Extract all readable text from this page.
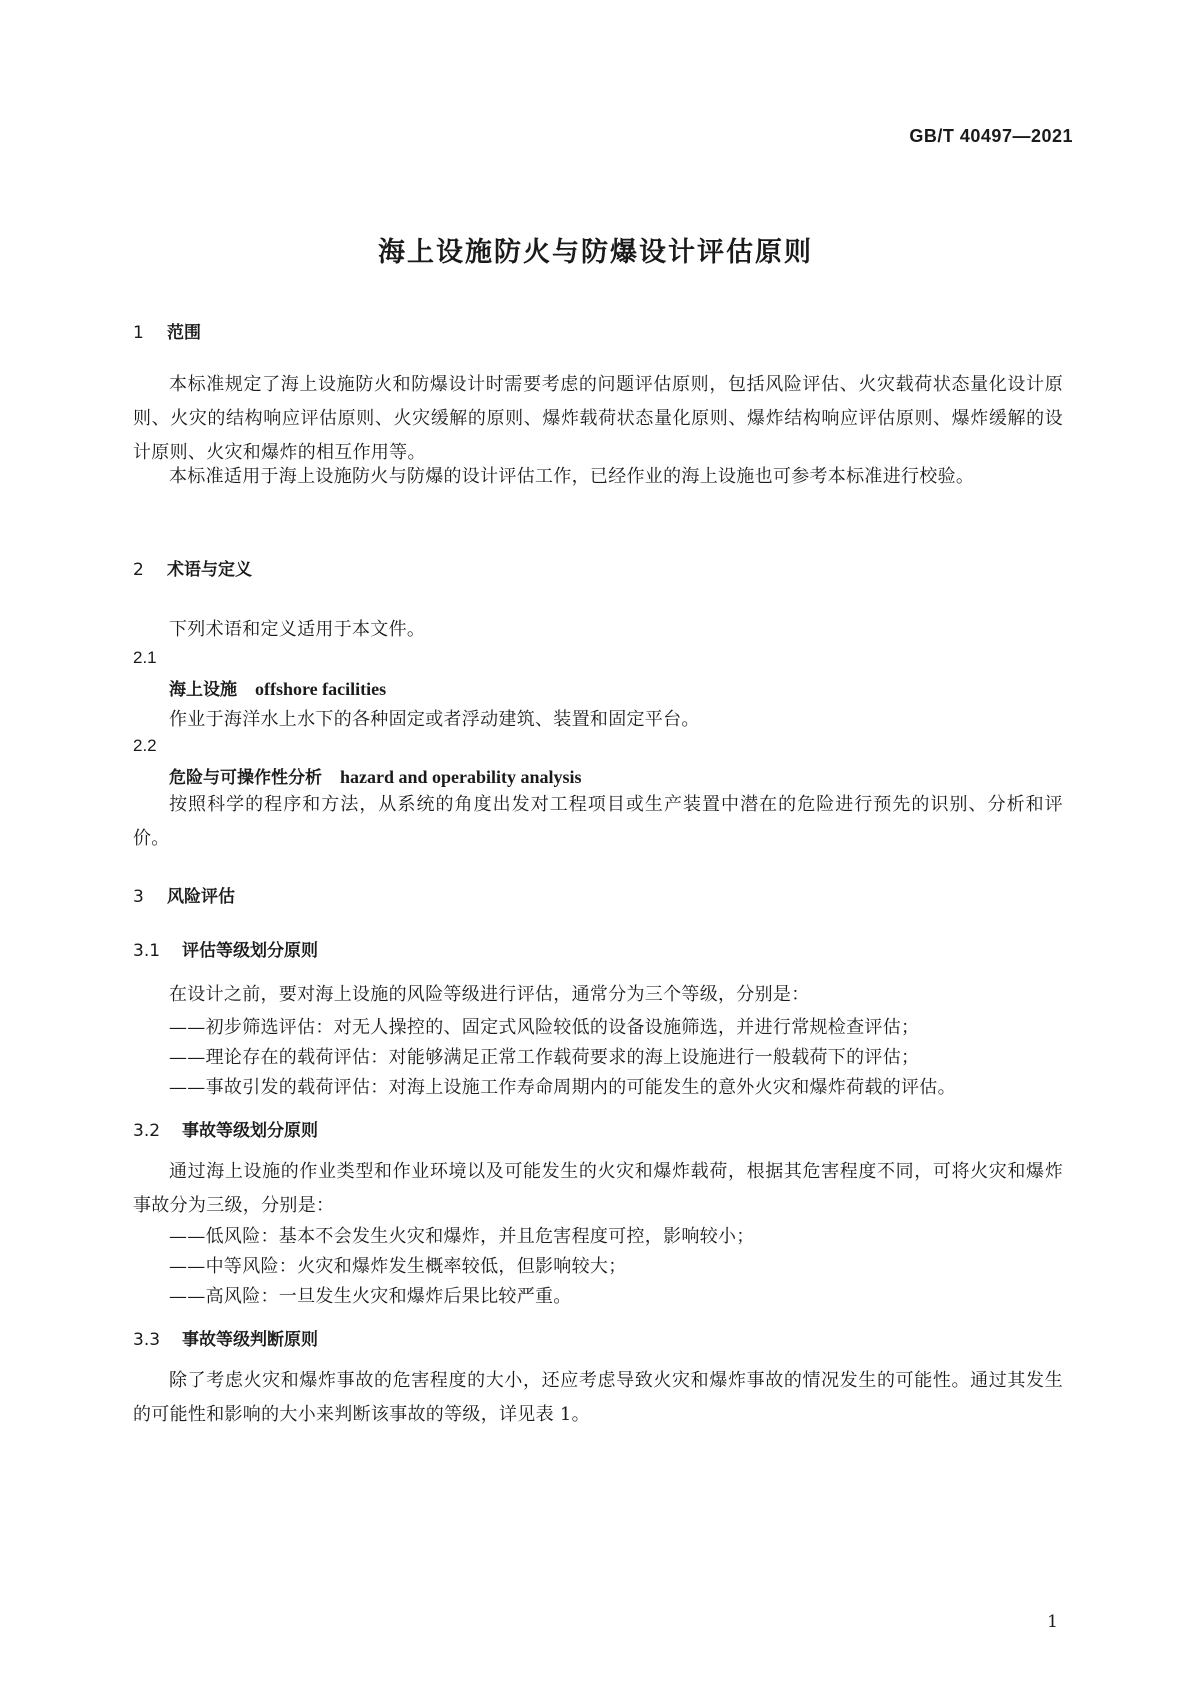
GB/T 40497—2021
海上设施防火与防爆设计评估原则
1 范围
本标准规定了海上设施防火和防爆设计时需要考虑的问题评估原则，包括风险评估、火灾载荷状态量化设计原则、火灾的结构响应评估原则、火灾缓解的原则、爆炸载荷状态量化原则、爆炸结构响应评估原则、爆炸缓解的设计原则、火灾和爆炸的相互作用等。
本标准适用于海上设施防火与防爆的设计评估工作，已经作业的海上设施也可参考本标准进行校验。
2 术语与定义
下列术语和定义适用于本文件。
2.1
海上设施 offshore facilities
作业于海洋水上水下的各种固定或者浮动建筑、装置和固定平台。
2.2
危险与可操作性分析 hazard and operability analysis
按照科学的程序和方法，从系统的角度出发对工程项目或生产装置中潜在的危险进行预先的识别、分析和评价。
3 风险评估
3.1 评估等级划分原则
在设计之前，要对海上设施的风险等级进行评估，通常分为三个等级，分别是：
——初步筛选评估：对无人操控的、固定式风险较低的设备设施筛选，并进行常规检查评估；
——理论存在的载荷评估：对能够满足正常工作载荷要求的海上设施进行一般载荷下的评估；
——事故引发的载荷评估：对海上设施工作寿命周期内的可能发生的意外火灾和爆炸荷载的评估。
3.2 事故等级划分原则
通过海上设施的作业类型和作业环境以及可能发生的火灾和爆炸载荷，根据其危害程度不同，可将火灾和爆炸事故分为三级，分别是：
——低风险：基本不会发生火灾和爆炸，并且危害程度可控，影响较小；
——中等风险：火灾和爆炸发生概率较低，但影响较大；
——高风险：一旦发生火灾和爆炸后果比较严重。
3.3 事故等级判断原则
除了考虑火灾和爆炸事故的危害程度的大小，还应考虑导致火灾和爆炸事故的情况发生的可能性。通过其发生的可能性和影响的大小来判断该事故的等级，详见表 1。
1
